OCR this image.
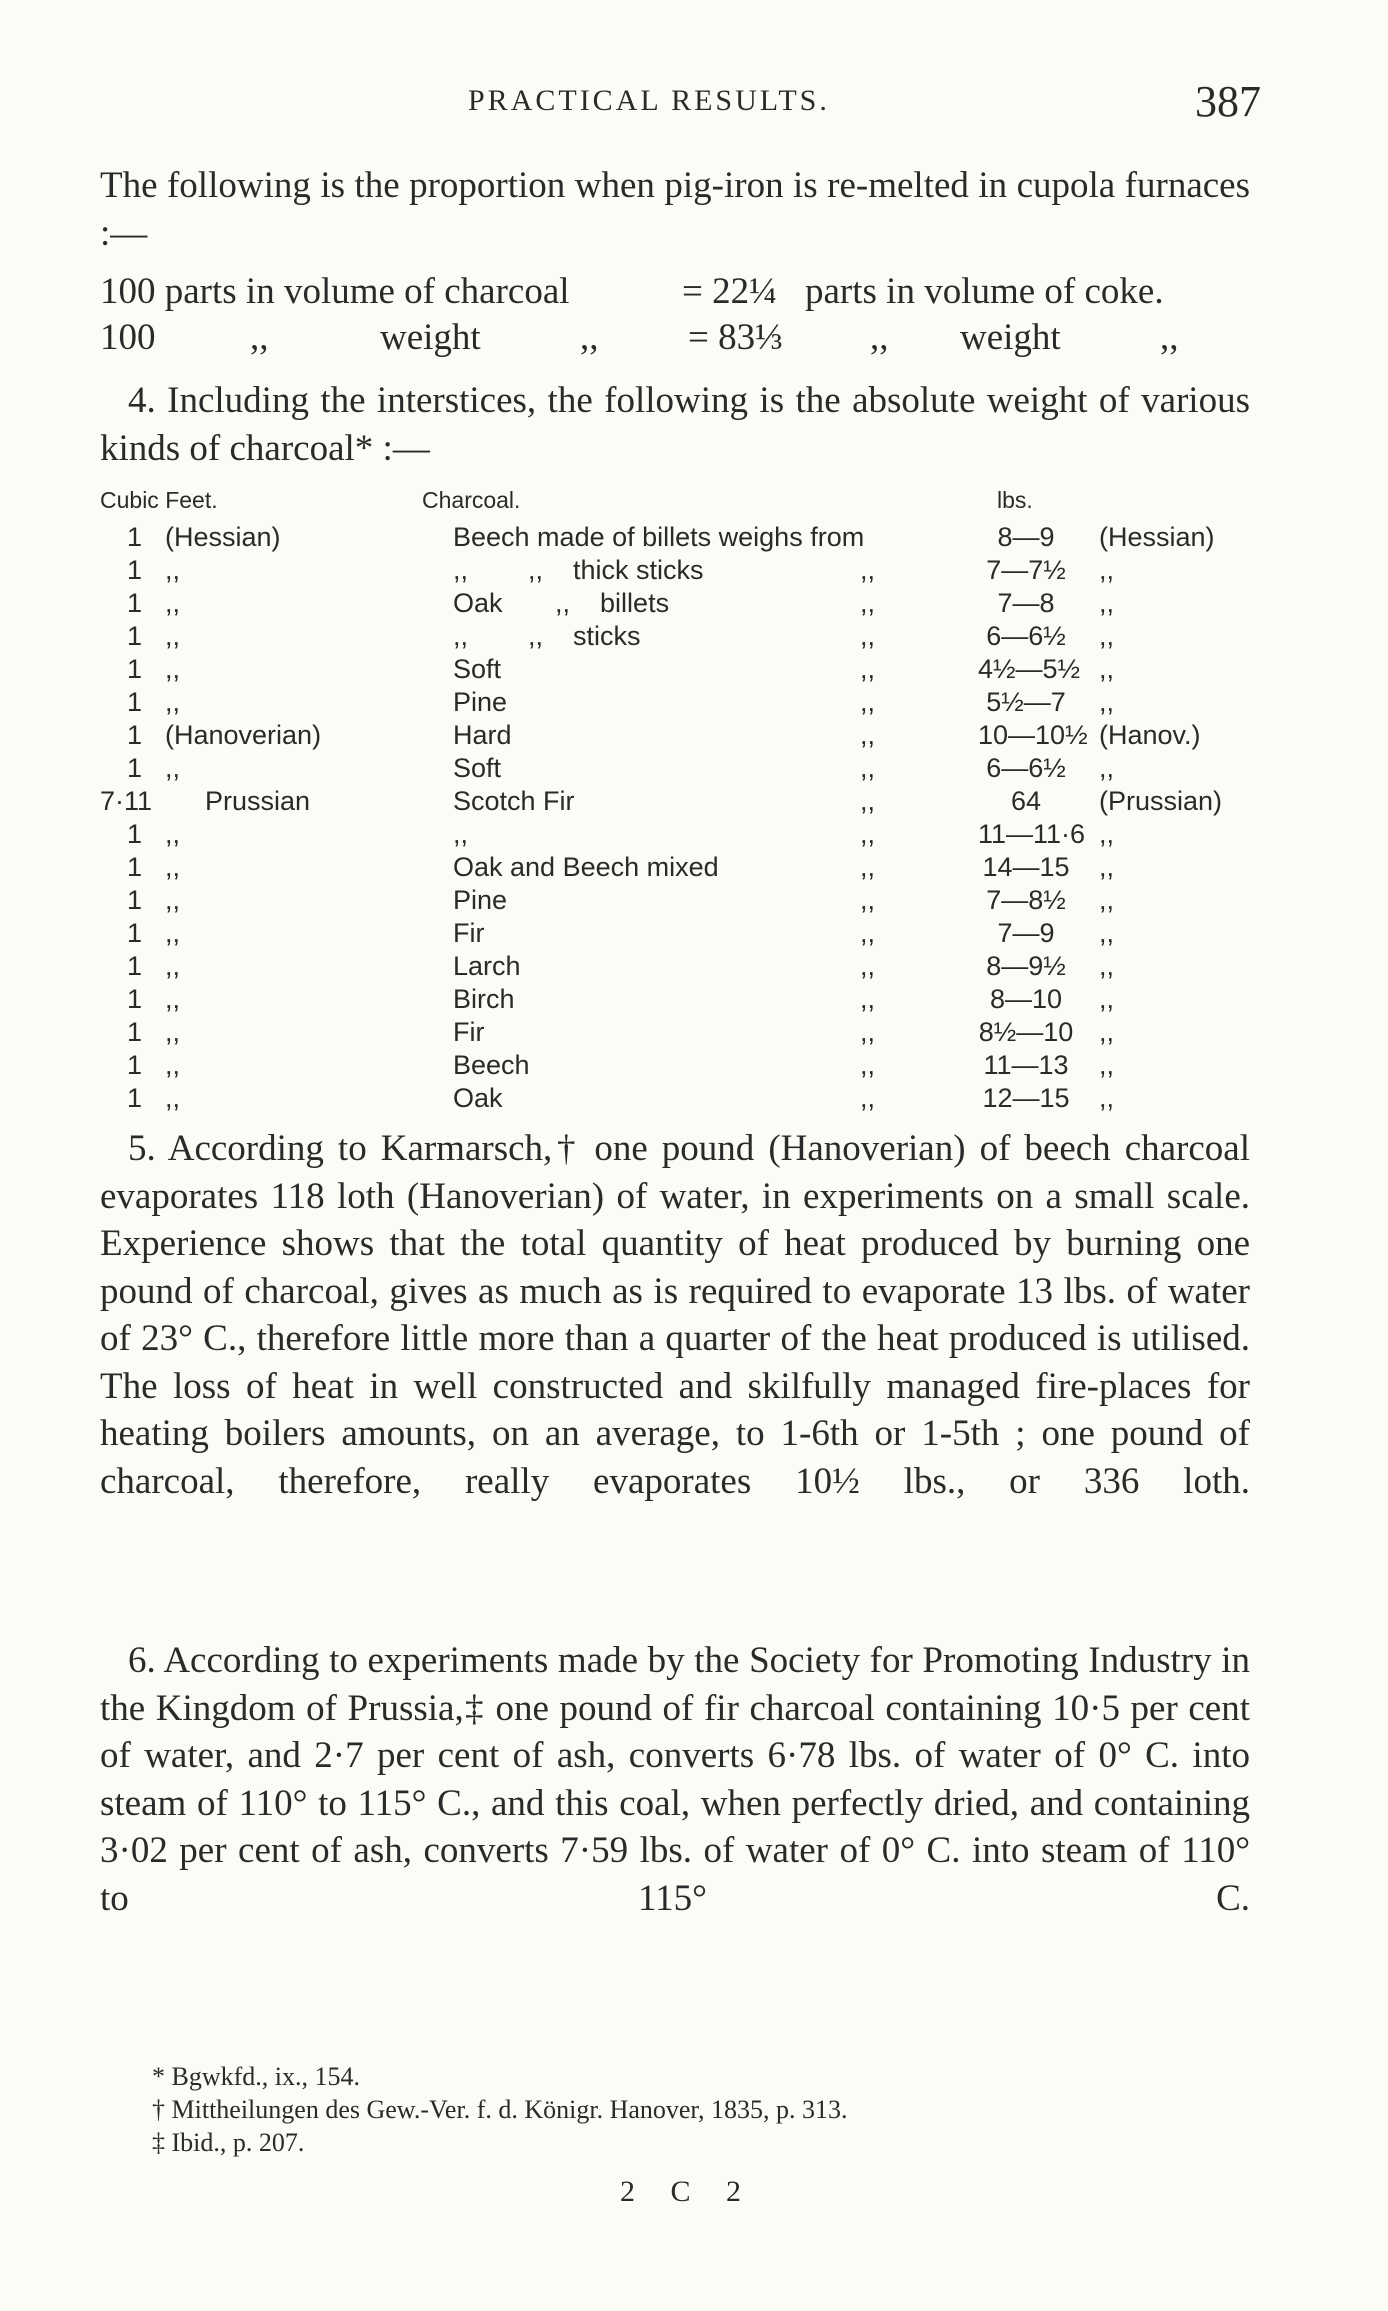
PRACTICAL RESULTS.	387

The following is the proportion when pig-iron is re-melted in cupola furnaces :—

100 parts in volume of charcoal	= 22¼ parts in volume of coke.
100	,,	weight	,, = 83⅓ ,, weight	,,

4. Including the interstices, the following is the absolute weight of various kinds of charcoal* :—

Cubic Feet.	Charcoal.	lbs.
1 (Hessian)	Beech made of billets weighs from	8—9	(Hessian)
1 ,,	,,        ,,    thick sticks	,,	7—7½	,,
1 ,,	Oak       ,,    billets	,,	7—8	,,
1 ,,	,,        ,,    sticks	,,	6—6½	,,
1 ,,	Soft	,,	4½—5½ ,,
1 ,,	Pine	,,	5½—7	,,
1 (Hanoverian)	Hard	,,	10—10½ (Hanov.)
1 ,,	Soft	,,	6—6½	,,
7·11 Prussian	Scotch Fir	,,	64	(Prussian)
1 ,,	,,	,,	11—11·6 ,,
1 ,,	Oak and Beech mixed	,,	14—15 ,,
1 ,,	Pine	,,	7—8½	,,
1 ,,	Fir	,,	7—9	,,
1 ,,	Larch	,,	8—9½	,,
1 ,,	Birch	,,	8—10	,,
1 ,,	Fir	,,	8½—10 ,,
1 ,,	Beech	,,	11—13 ,,
1 ,,	Oak	,,	12—15 ,,

5. According to Karmarsch,† one pound (Hanoverian) of beech charcoal evaporates 118 loth (Hanoverian) of water, in experiments on a small scale. Experience shows that the total quantity of heat produced by burning one pound of charcoal, gives as much as is required to evaporate 13 lbs. of water of 23° C., therefore little more than a quarter of the heat produced is utilised. The loss of heat in well constructed and skilfully managed fire-places for heating boilers amounts, on an average, to 1-6th or 1-5th ; one pound of charcoal, therefore, really evaporates 10½ lbs., or 336 loth.

6. According to experiments made by the Society for Promoting Industry in the Kingdom of Prussia,‡ one pound of fir charcoal containing 10·5 per cent of water, and 2·7 per cent of ash, converts 6·78 lbs. of water of 0° C. into steam of 110° to 115° C., and this coal, when perfectly dried, and containing 3·02 per cent of ash, converts 7·59 lbs. of water of 0° C. into steam of 110° to 115° C.

* Bgwkfd., ix., 154.
† Mittheilungen des Gew.-Ver. f. d. Königr. Hanover, 1835, p. 313.
‡ Ibid., p. 207.
2 C 2
